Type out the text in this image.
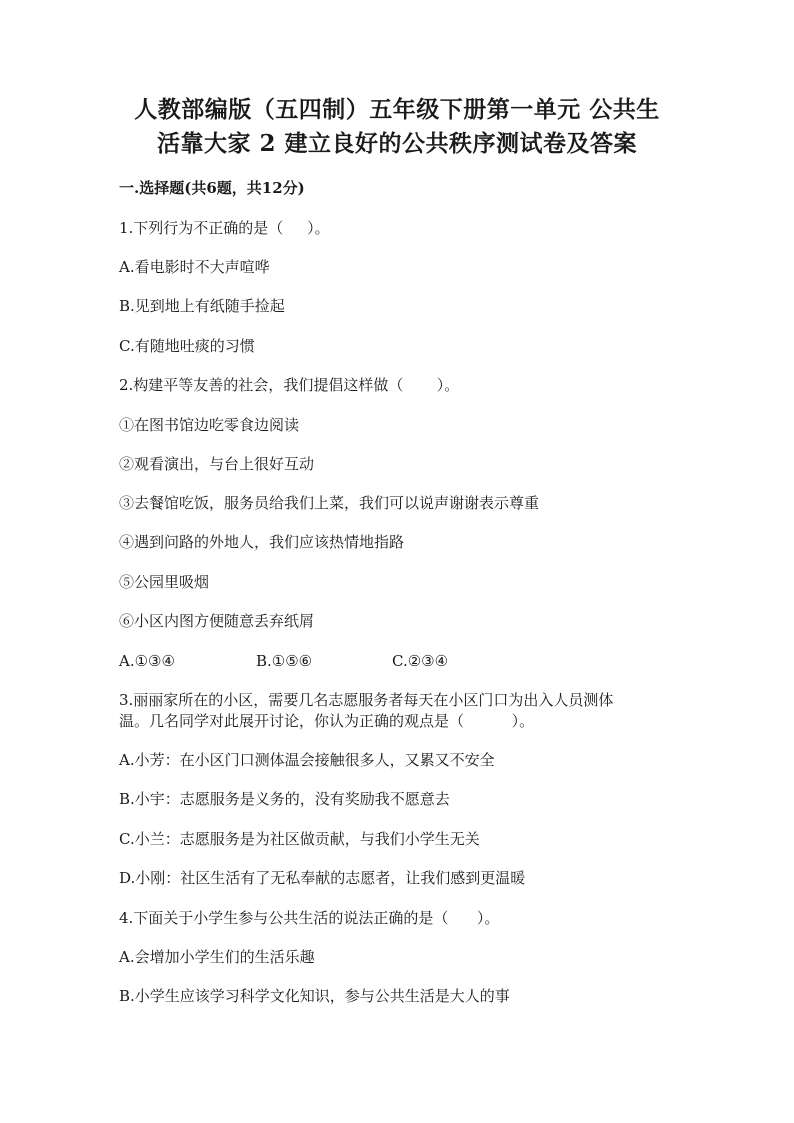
人教部编版（五四制）五年级下册第一单元 公共生
活靠大家 2 建立良好的公共秩序测试卷及答案

一.选择题(共6题，共12分)

1.下列行为不正确的是（     ）。

A.看电影时不大声喧哗

B.见到地上有纸随手捡起

C.有随地吐痰的习惯

2.构建平等友善的社会，我们提倡这样做（       ）。

①在图书馆边吃零食边阅读

②观看演出，与台上很好互动

③去餐馆吃饭，服务员给我们上菜，我们可以说声谢谢表示尊重

④遇到问路的外地人，我们应该热情地指路

⑤公园里吸烟

⑥小区内图方便随意丢弃纸屑

A.①③④	B.①⑤⑥	C.②③④

3.丽丽家所在的小区，需要几名志愿服务者每天在小区门口为出入人员测体

温。几名同学对此展开讨论，你认为正确的观点是（          ）。

A.小芳：在小区门口测体温会接触很多人，又累又不安全

B.小宇：志愿服务是义务的，没有奖励我不愿意去

C.小兰：志愿服务是为社区做贡献，与我们小学生无关

D.小刚：社区生活有了无私奉献的志愿者，让我们感到更温暖

4.下面关于小学生参与公共生活的说法正确的是（      ）。

A.会增加小学生们的生活乐趣

B.小学生应该学习科学文化知识，参与公共生活是大人的事
